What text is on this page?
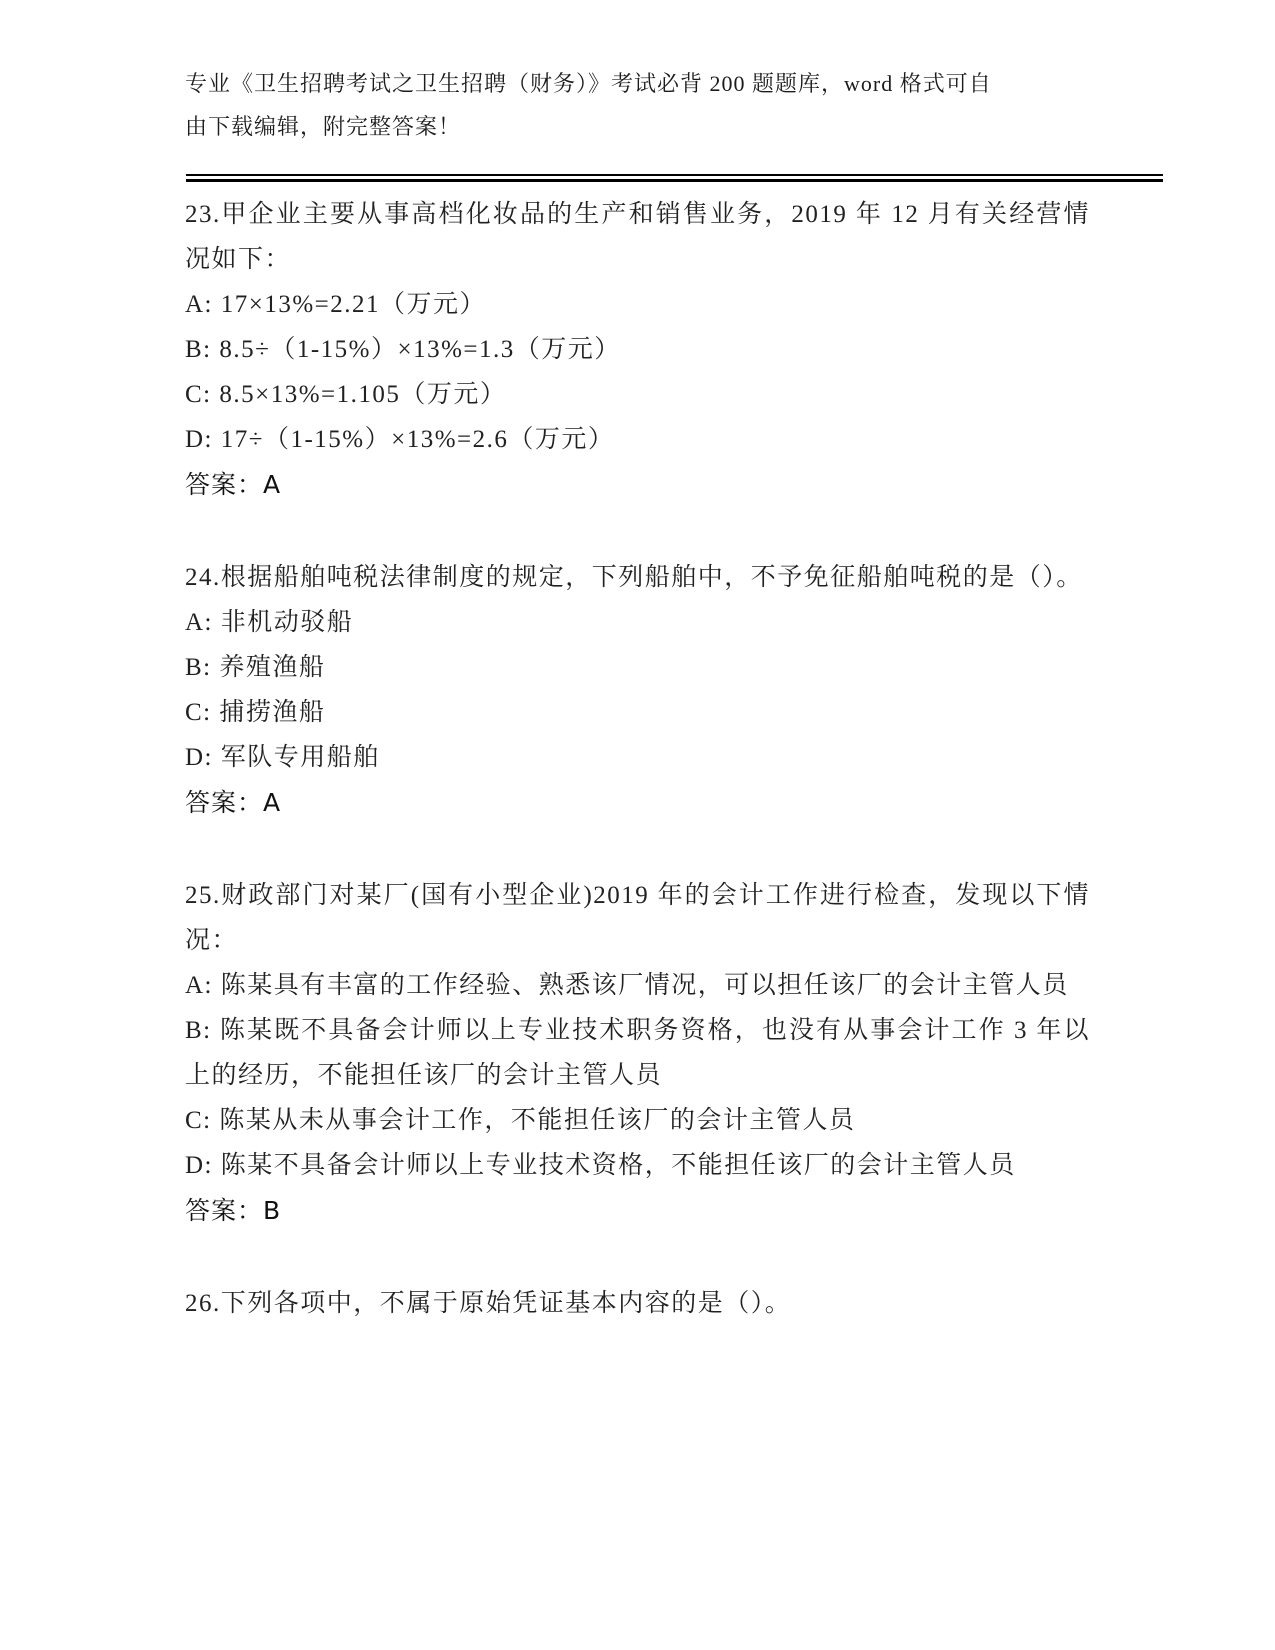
专业《卫生招聘考试之卫生招聘（财务）》考试必背 200 题题库，word 格式可自
由下载编辑，附完整答案！

23.甲企业主要从事高档化妆品的生产和销售业务，2019 年 12 月有关经营情况如下：

A: 17×13%=2.21（万元）

B: 8.5÷（1-15%）×13%=1.3（万元）

C: 8.5×13%=1.105（万元）

D: 17÷（1-15%）×13%=2.6（万元）

答案：A

24.根据船舶吨税法律制度的规定，下列船舶中，不予免征船舶吨税的是（）。

A: 非机动驳船

B: 养殖渔船

C: 捕捞渔船

D: 军队专用船舶

答案：A

25.财政部门对某厂(国有小型企业)2019 年的会计工作进行检查，发现以下情况：

A: 陈某具有丰富的工作经验、熟悉该厂情况，可以担任该厂的会计主管人员

B: 陈某既不具备会计师以上专业技术职务资格，也没有从事会计工作 3 年以上的经历，不能担任该厂的会计主管人员

C: 陈某从未从事会计工作，不能担任该厂的会计主管人员

D: 陈某不具备会计师以上专业技术资格，不能担任该厂的会计主管人员

答案：B

26.下列各项中，不属于原始凭证基本内容的是（）。
